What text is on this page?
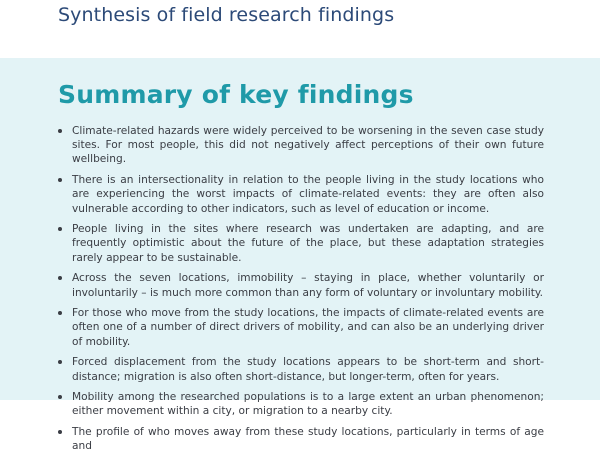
Synthesis of field research findings
Summary of key findings
Climate-related hazards were widely perceived to be worsening in the seven case study sites. For most people, this did not negatively affect perceptions of their own future wellbeing.
There is an intersectionality in relation to the people living in the study locations who are experiencing the worst impacts of climate-related events: they are often also vulnerable according to other indicators, such as level of education or income.
People living in the sites where research was undertaken are adapting, and are frequently optimistic about the future of the place, but these adaptation strategies rarely appear to be sustainable.
Across the seven locations, immobility – staying in place, whether voluntarily or involuntarily – is much more common than any form of voluntary or involuntary mobility.
For those who move from the study locations, the impacts of climate-related events are often one of a number of direct drivers of mobility, and can also be an underlying driver of mobility.
Forced displacement from the study locations appears to be short-term and short-distance; migration is also often short-distance, but longer-term, often for years.
Mobility among the researched populations is to a large extent an urban phenomenon; either movement within a city, or migration to a nearby city.
The profile of who moves away from these study locations, particularly in terms of age and
